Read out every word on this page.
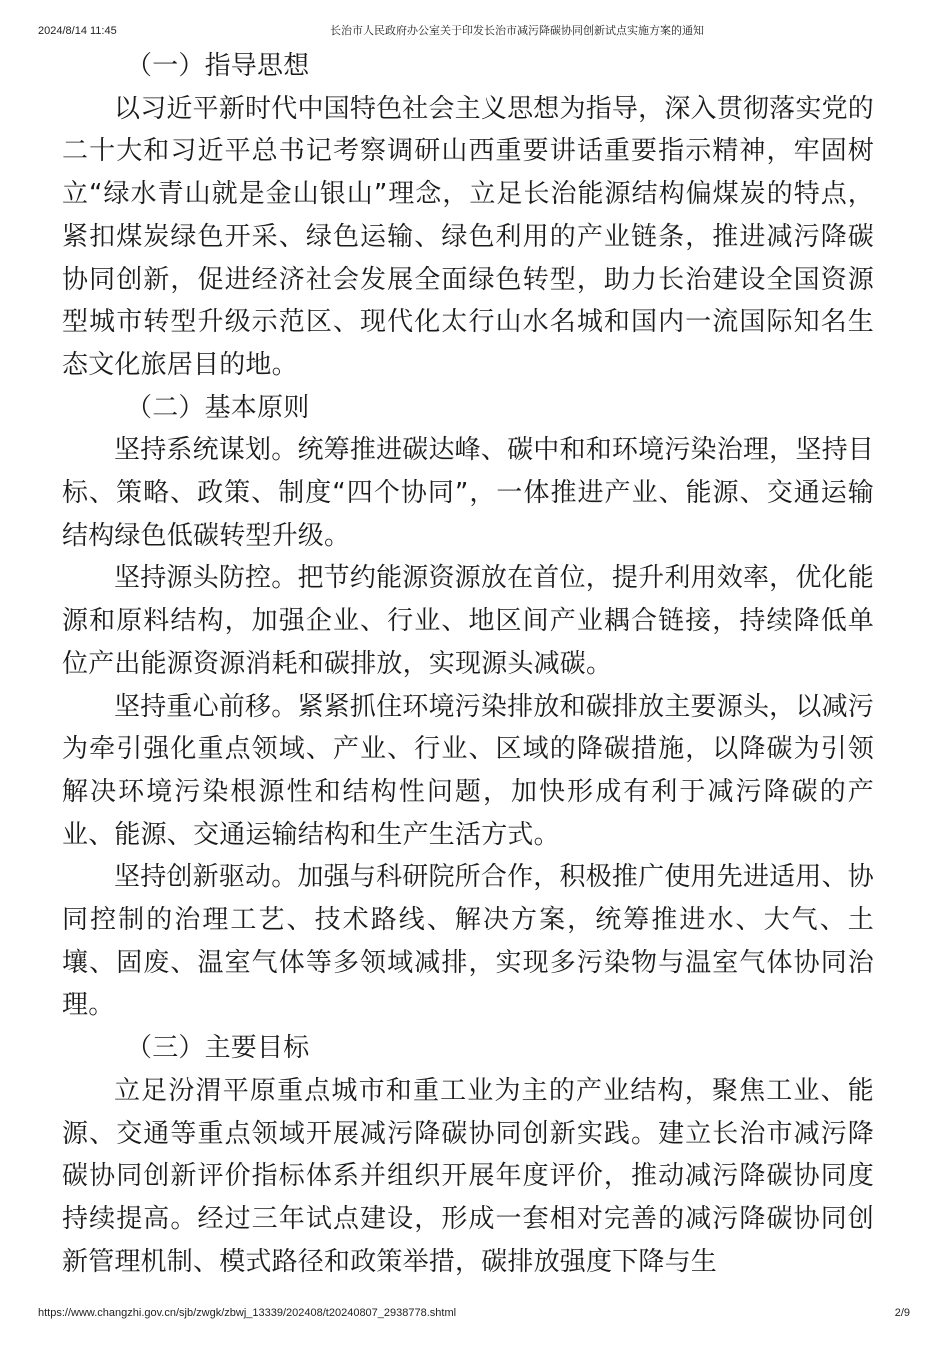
2024/8/14 11:45	长治市人民政府办公室关于印发长治市减污降碳协同创新试点实施方案的通知

（一）指导思想

以习近平新时代中国特色社会主义思想为指导，深入贯彻落实党的二十大和习近平总书记考察调研山西重要讲话重要指示精神，牢固树立“绿水青山就是金山银山”理念，立足长治能源结构偏煤炭的特点，紧扣煤炭绿色开采、绿色运输、绿色利用的产业链条，推进减污降碳协同创新，促进经济社会发展全面绿色转型，助力长治建设全国资源型城市转型升级示范区、现代化太行山水名城和国内一流国际知名生态文化旅居目的地。

（二）基本原则

坚持系统谋划。统筹推进碳达峰、碳中和和环境污染治理，坚持目标、策略、政策、制度“四个协同”，一体推进产业、能源、交通运输结构绿色低碳转型升级。

坚持源头防控。把节约能源资源放在首位，提升利用效率，优化能源和原料结构，加强企业、行业、地区间产业耦合链接，持续降低单位产出能源资源消耗和碳排放，实现源头减碳。

坚持重心前移。紧紧抓住环境污染排放和碳排放主要源头，以减污为牵引强化重点领域、产业、行业、区域的降碳措施，以降碳为引领解决环境污染根源性和结构性问题，加快形成有利于减污降碳的产业、能源、交通运输结构和生产生活方式。

坚持创新驱动。加强与科研院所合作，积极推广使用先进适用、协同控制的治理工艺、技术路线、解决方案，统筹推进水、大气、土壤、固废、温室气体等多领域减排，实现多污染物与温室气体协同治理。

（三）主要目标

立足汾渭平原重点城市和重工业为主的产业结构，聚焦工业、能源、交通等重点领域开展减污降碳协同创新实践。建立长治市减污降碳协同创新评价指标体系并组织开展年度评价，推动减污降碳协同度持续提高。经过三年试点建设，形成一套相对完善的减污降碳协同创新管理机制、模式路径和政策举措，碳排放强度下降与生

https://www.changzhi.gov.cn/sjb/zwgk/zbwj_13339/202408/t20240807_2938778.shtml	2/9
